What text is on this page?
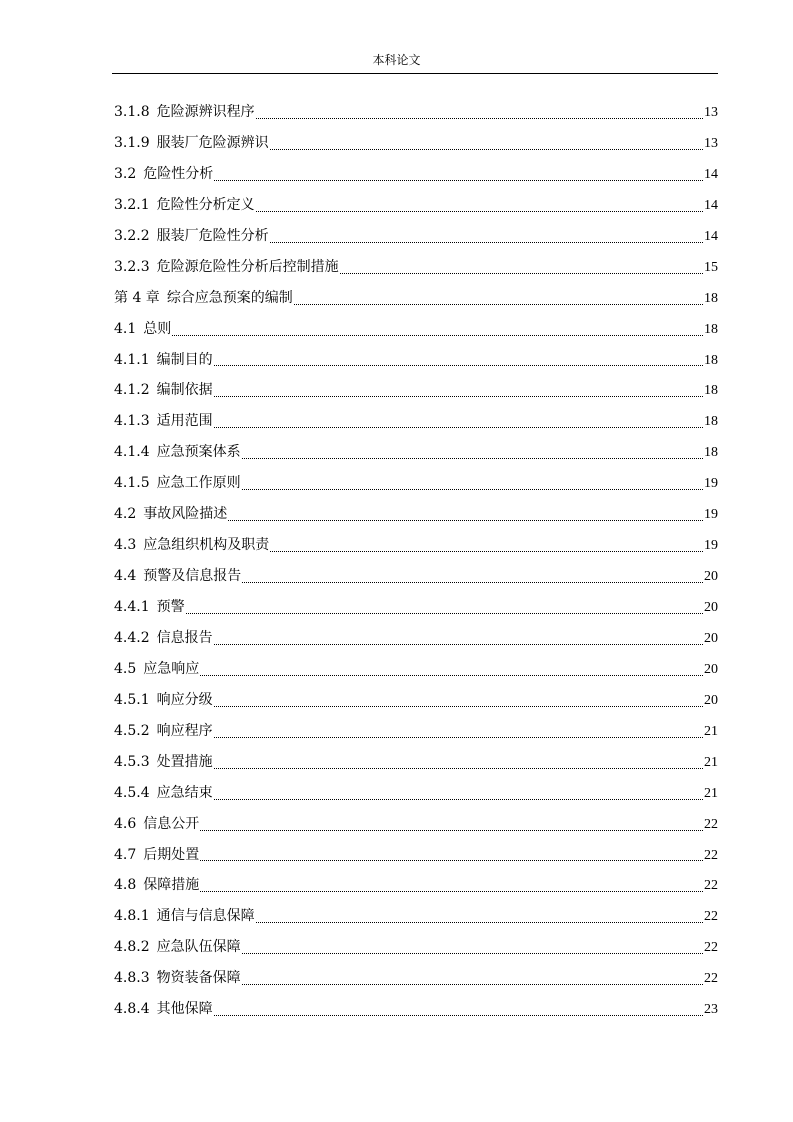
本科论文
3.1.8 危险源辨识程序	13
3.1.9 服装厂危险源辨识	13
3.2 危险性分析	14
3.2.1 危险性分析定义	14
3.2.2 服装厂危险性分析	14
3.2.3 危险源危险性分析后控制措施	15
第 4 章 综合应急预案的编制	18
4.1 总则	18
4.1.1 编制目的	18
4.1.2 编制依据	18
4.1.3 适用范围	18
4.1.4 应急预案体系	18
4.1.5 应急工作原则	19
4.2 事故风险描述	19
4.3 应急组织机构及职责	19
4.4 预警及信息报告	20
4.4.1 预警	20
4.4.2 信息报告	20
4.5 应急响应	20
4.5.1 响应分级	20
4.5.2 响应程序	21
4.5.3 处置措施	21
4.5.4 应急结束	21
4.6 信息公开	22
4.7 后期处置	22
4.8 保障措施	22
4.8.1 通信与信息保障	22
4.8.2 应急队伍保障	22
4.8.3 物资装备保障	22
4.8.4 其他保障	23
